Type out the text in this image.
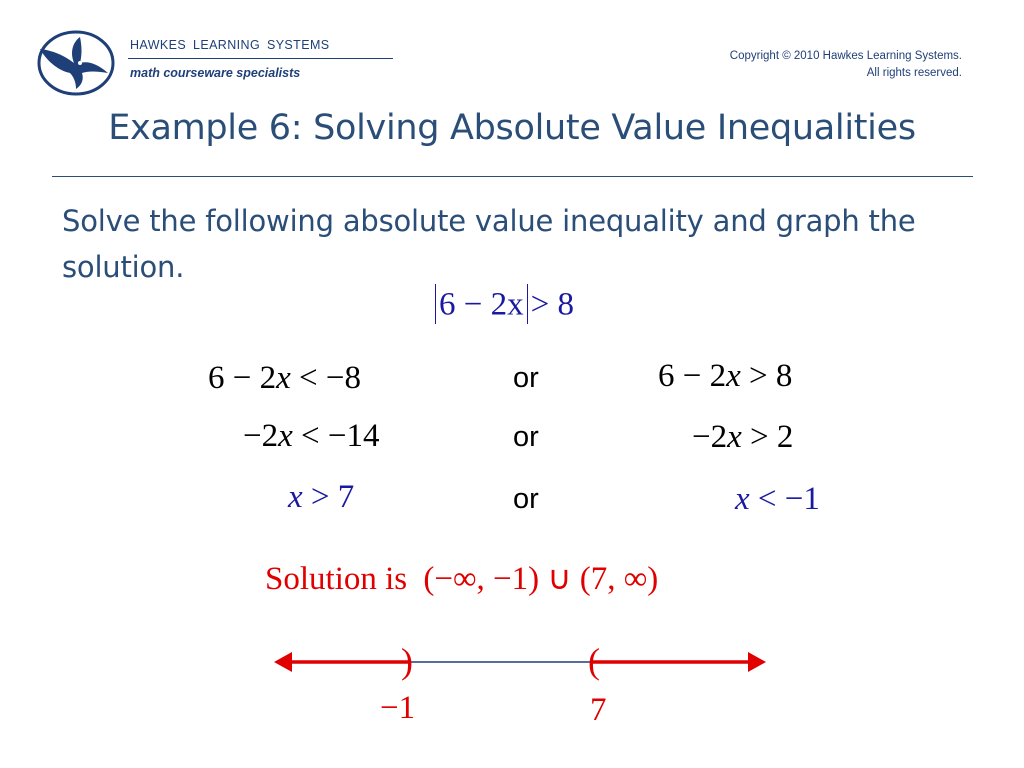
HAWKES LEARNING SYSTEMS
math courseware specialists
Copyright © 2010 Hawkes Learning Systems.
All rights reserved.
Example 6: Solving Absolute Value Inequalities
Solve the following absolute value inequality and graph the solution.
6 − 2x > 8
6 − 2x < −8	or	6 − 2x > 8
−2x < −14	or	−2x > 2
x > 7	or	x < −1
Solution is (−∞, −1) ∪ (7, ∞)
)	(
−1	7
